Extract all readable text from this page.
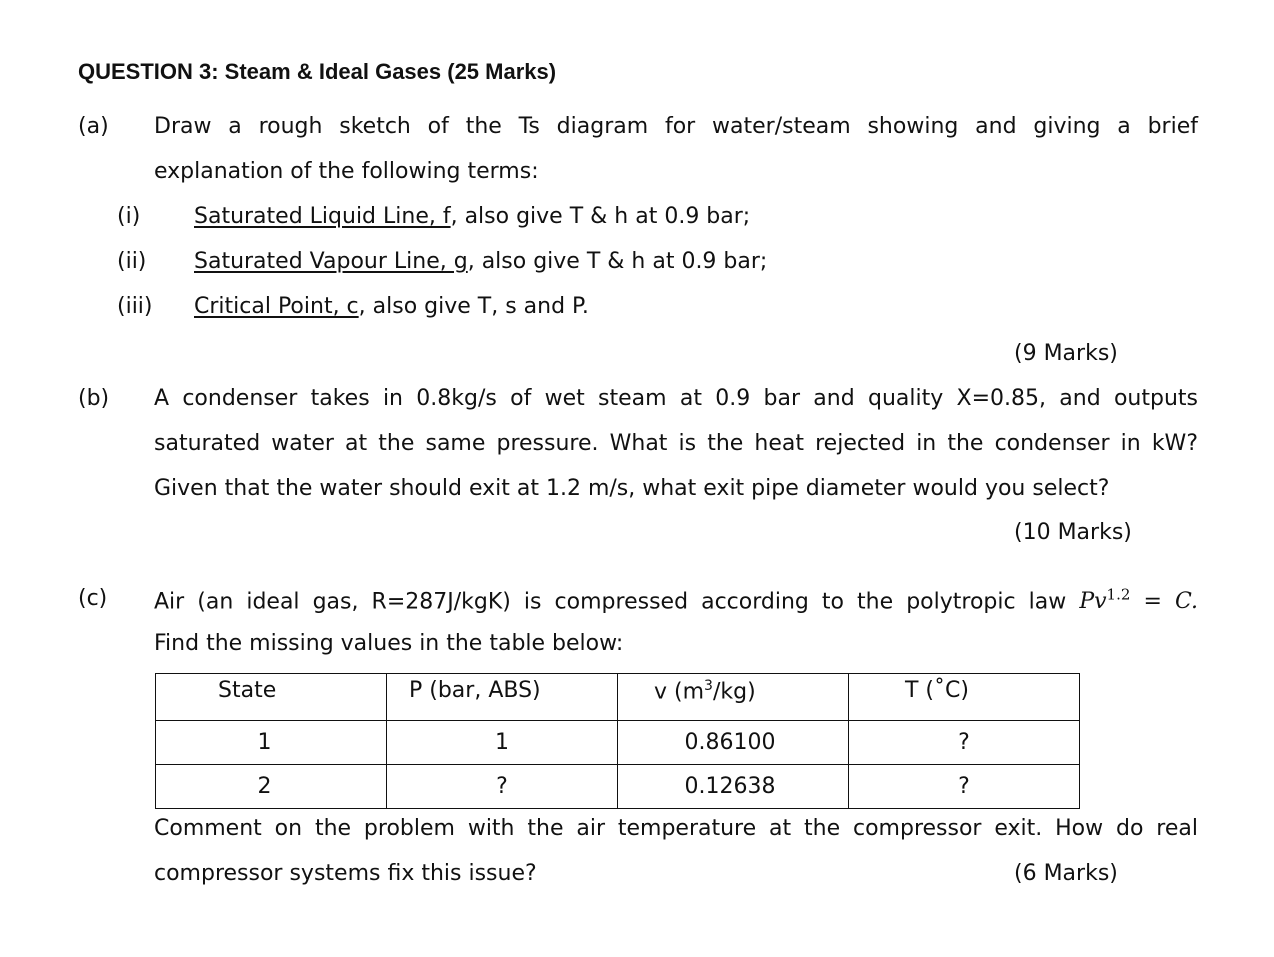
QUESTION 3: Steam & Ideal Gases (25 Marks)
(a) Draw a rough sketch of the Ts diagram for water/steam showing and giving a brief
explanation of the following terms:
(i) Saturated Liquid Line, f, also give T & h at 0.9 bar;
(ii) Saturated Vapour Line, g, also give T & h at 0.9 bar;
(iii) Critical Point, c, also give T, s and P.
(9 Marks)
(b) A condenser takes in 0.8kg/s of wet steam at 0.9 bar and quality X=0.85, and outputs
saturated water at the same pressure. What is the heat rejected in the condenser in kW?
Given that the water should exit at 1.2 m/s, what exit pipe diameter would you select?
(10 Marks)
(c) Air (an ideal gas, R=287J/kgK) is compressed according to the polytropic law $Pv^{1.2} = C$.
Find the missing values in the table below:
State	P (bar, ABS)	v $(m^3/kg)$	T (˚C)
1	1	0.86100	?
2	?	0.12638	?
Comment on the problem with the air temperature at the compressor exit. How do real
compressor systems fix this issue?	(6 Marks)
